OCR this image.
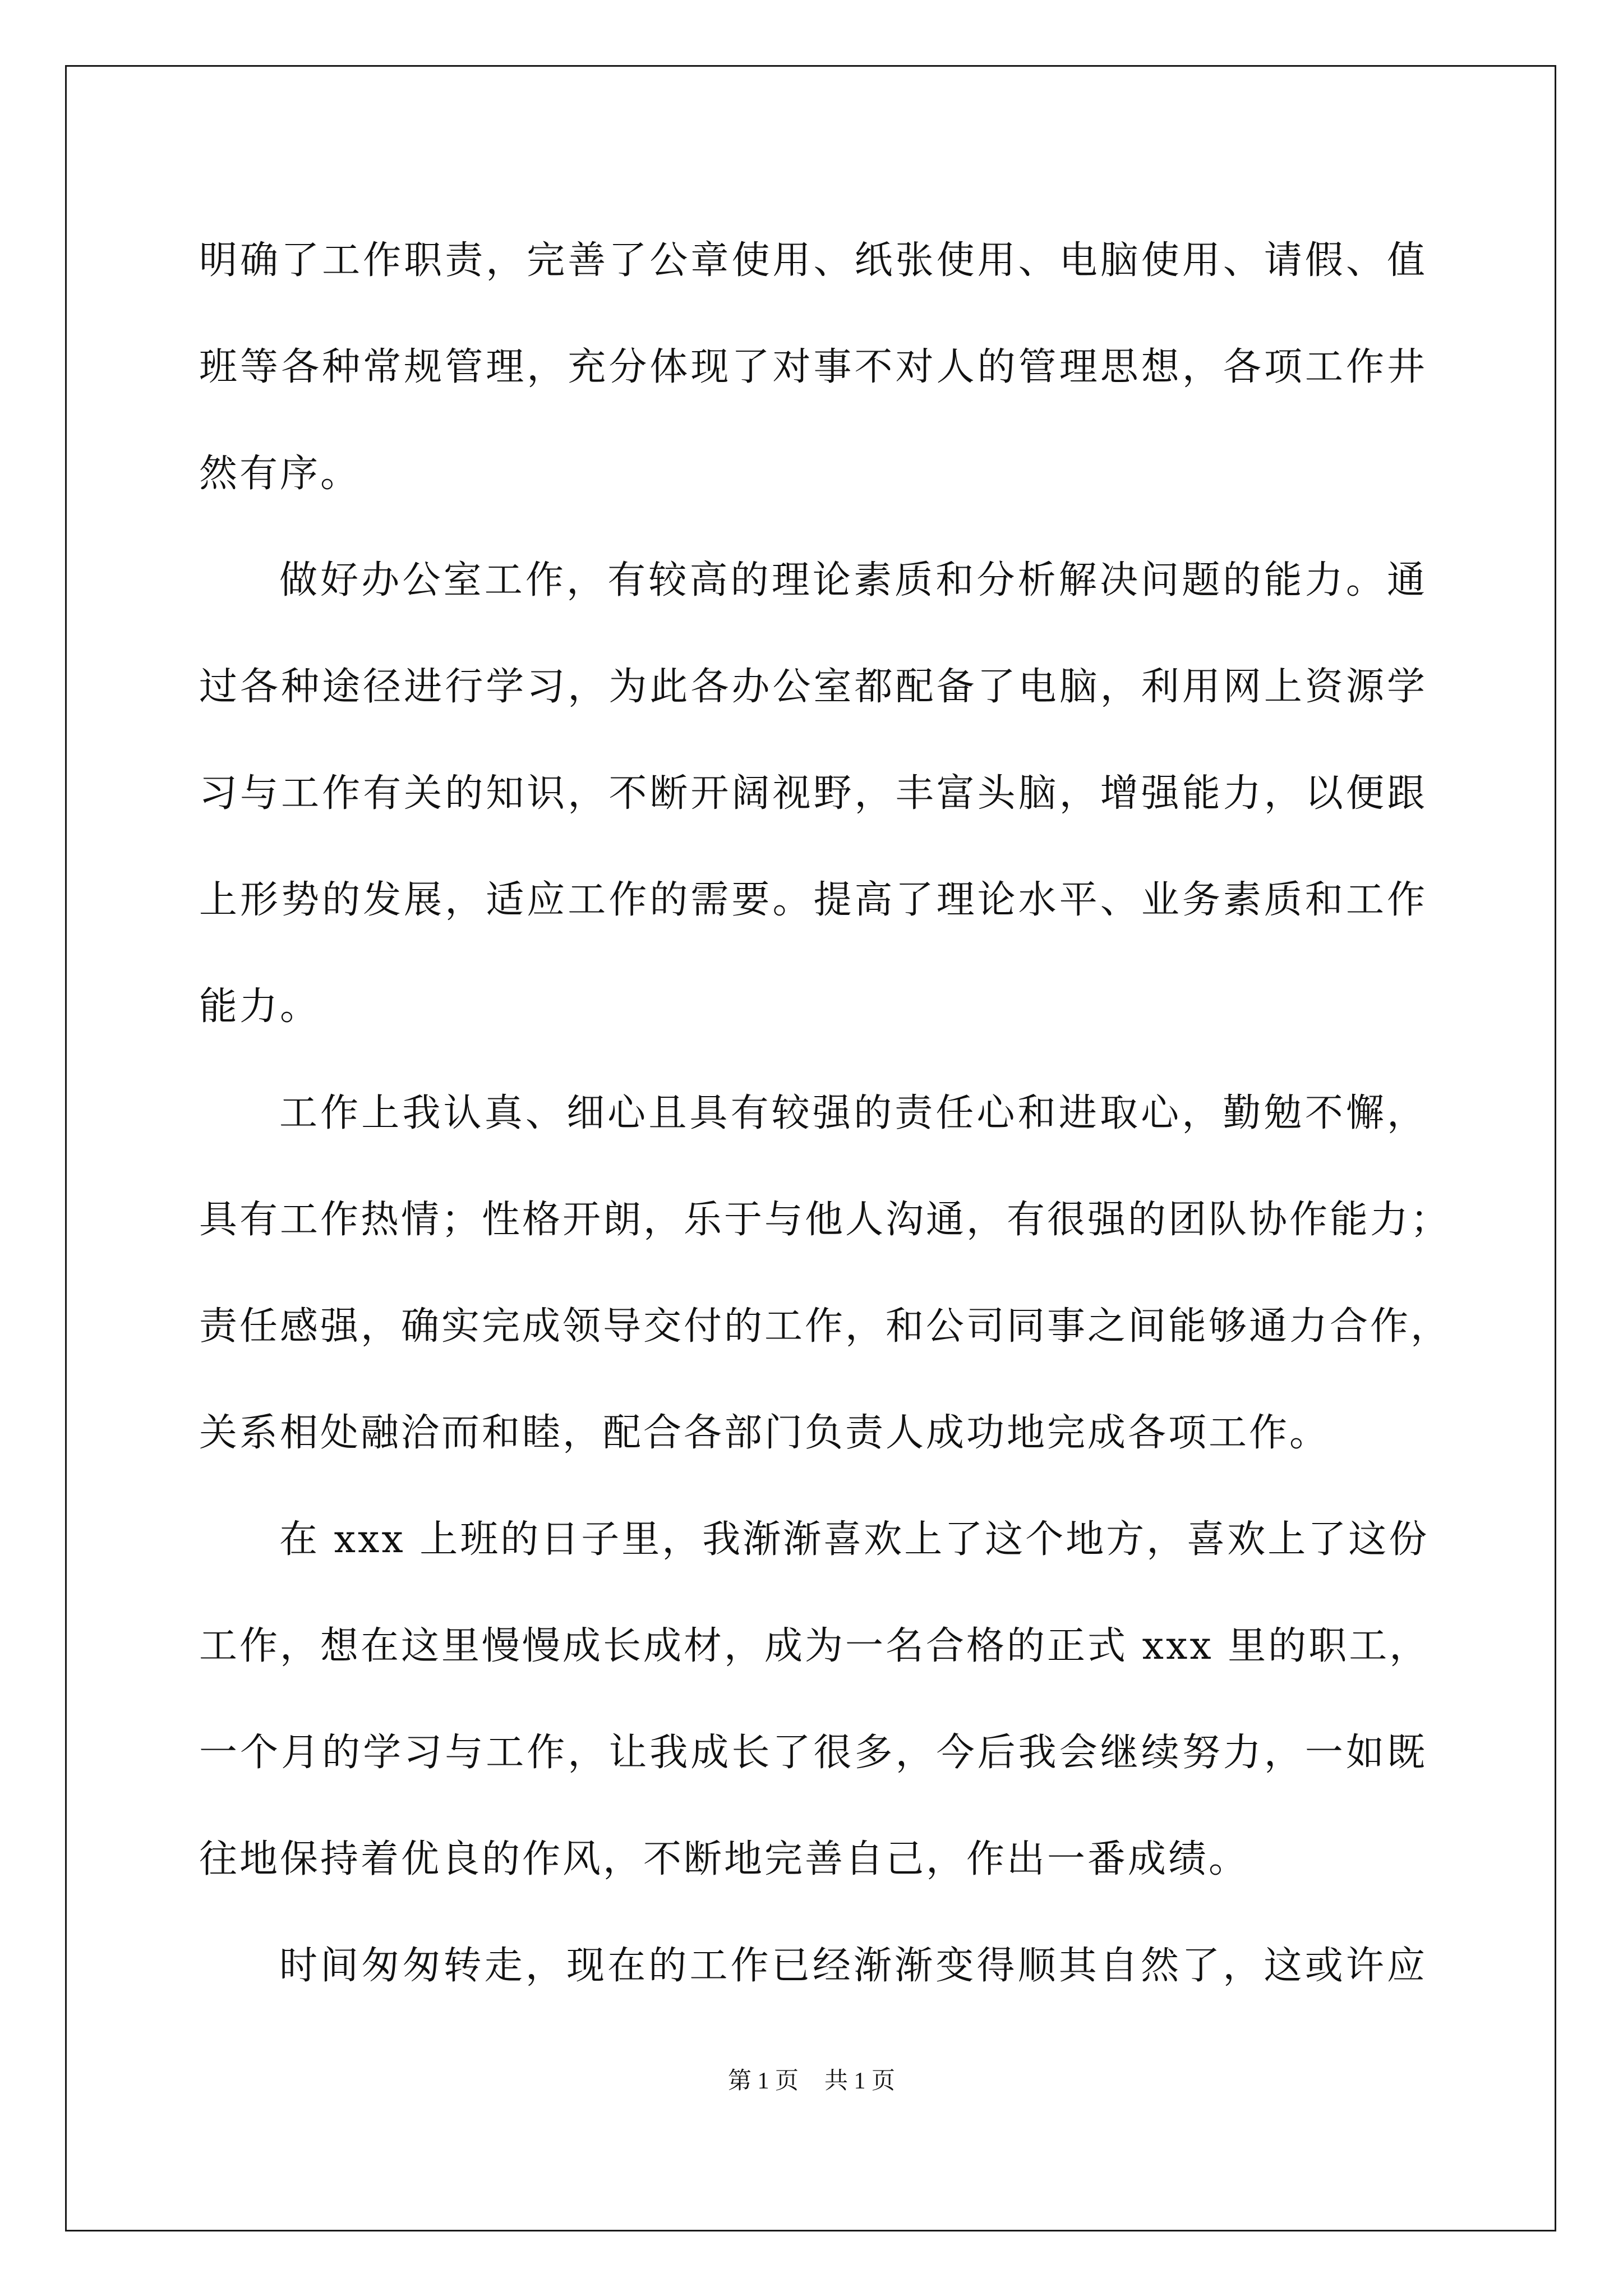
明确了工作职责，完善了公章使用、纸张使用、电脑使用、请假、值
班等各种常规管理，充分体现了对事不对人的管理思想，各项工作井
然有序。
做好办公室工作，有较高的理论素质和分析解决问题的能力。通
过各种途径进行学习，为此各办公室都配备了电脑，利用网上资源学
习与工作有关的知识，不断开阔视野，丰富头脑，增强能力，以便跟
上形势的发展，适应工作的需要。提高了理论水平、业务素质和工作
能力。
工作上我认真、细心且具有较强的责任心和进取心，勤勉不懈，
具有工作热情；性格开朗，乐于与他人沟通，有很强的团队协作能力；
责任感强，确实完成领导交付的工作，和公司同事之间能够通力合作，
关系相处融洽而和睦，配合各部门负责人成功地完成各项工作。
在 xxx 上班的日子里，我渐渐喜欢上了这个地方，喜欢上了这份
工作，想在这里慢慢成长成材，成为一名合格的正式 xxx 里的职工，
一个月的学习与工作，让我成长了很多，今后我会继续努力，一如既
往地保持着优良的作风，不断地完善自己，作出一番成绩。
时间匆匆转走，现在的工作已经渐渐变得顺其自然了，这或许应
第 1 页 共 1 页
